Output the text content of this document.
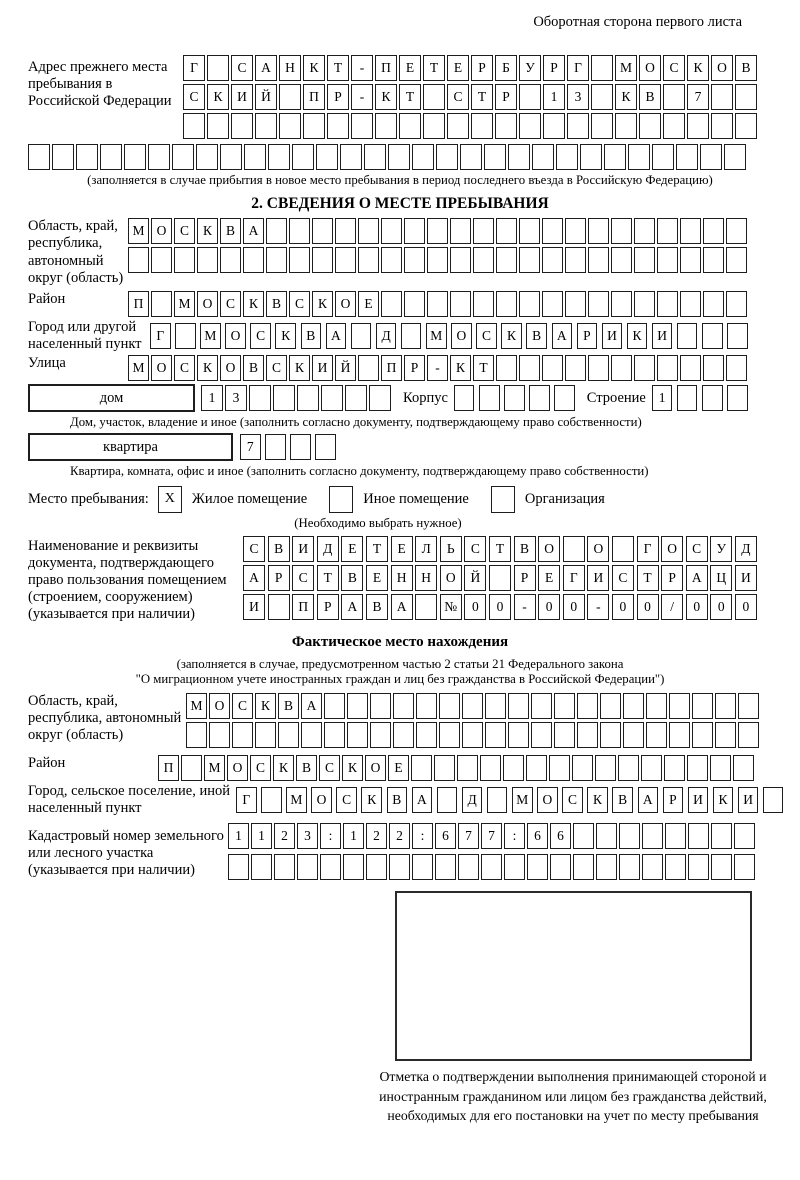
Оборотная сторона первого листа
Адрес прежнего места пребывания в Российской Федерации
Г	С	А	Н	К	Т	-	П	Е	Т	Е	Р	Б	У	Р	Г	М О	С	К	О	В
С	К	И	Й	П	Р	-	К	Т	С	Т	Р	1	3	К	В	7
(заполняется в случае прибытия в новое место пребывания в период последнего въезда в Российскую Федерацию)
2. СВЕДЕНИЯ О МЕСТЕ ПРЕБЫВАНИЯ
Область, край, республика, автономный округ (область)
М О	С	К	В	А
Район	П	М О	С	К	В	С	К	О	Е
Город или другой населенный пункт
Г	М	О	С	К	В	А	Д	М	О	С	К	В	А	Р	И	К	И
Улица	М О	С	К	О	В	С	К	И Й	П	Р	-	К	Т
дом	1	3	Корпус	Строение 1
Дом, участок, владение и иное (заполнить согласно документу, подтверждающему право собственности)
квартира	7
Квартира, комната, офис и иное (заполнить согласно документу, подтверждающему право собственности)
Место пребывания:	X	Жилое помещение	Иное помещение	Организация
(Необходимо выбрать нужное)
Наименование и реквизиты документа, подтверждающего право пользования помещением (строением, сооружением) (указывается при наличии)
С	В	И	Д	Е	Т	Е	Л	Ь	С	Т	В	О	О	Г	О	С	У	Д
А	Р	С	Т	В	Е	Н	Н	О	Й	Р	Е	Г	И	С	Т	Р	А	Ц	И
И	П	Р	А	В	А	№	0	0	-	0	0	-	0	0	/	0	0	0
Фактическое место нахождения
(заполняется в случае, предусмотренном частью 2 статьи 21 Федерального закона
"О миграционном учете иностранных граждан и лиц без гражданства в Российской Федерации")
Область, край, республика, автономный округ (область)
М О	С	К	В	А
Район	П	М О	С	К	В	С	К	О	Е
Город, сельское поселение, иной населенный пункт
Г	М	О	С	К	В	А	Д	М	О	С	К	В	А	Р	И	К	И
Кадастровый номер земельного или лесного участка (указывается при наличии)
1	1	2	3	:	1	2	2	:	6	7	7	:	6	6
Отметка о подтверждении выполнения принимающей стороной и иностранным гражданином или лицом без гражданства действий, необходимых для его постановки на учет по месту пребывания
